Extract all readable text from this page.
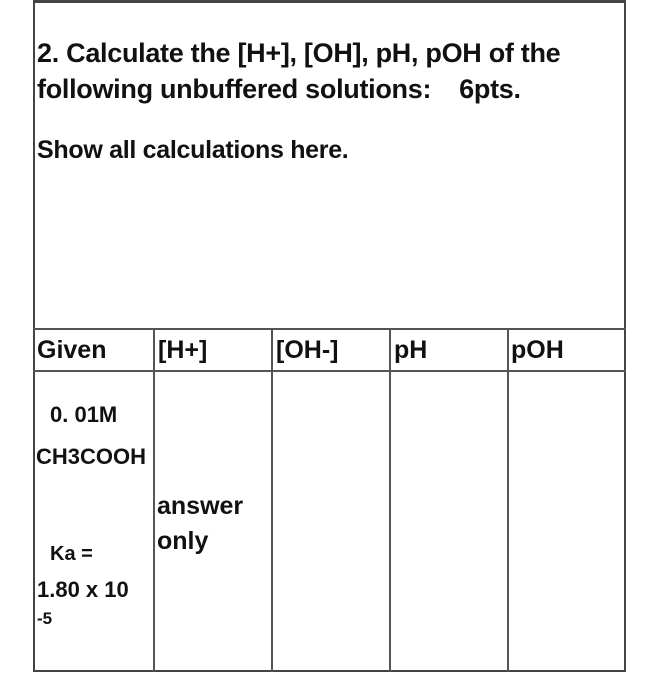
2. Calculate the [H+], [OH], pH, pOH of the
following unbuffered solutions: 6pts.
Show all calculations here.
Given [H+]	[OH-] pH	pOH
0. 01M
CH3COOH
Ka =
1.80 x 10
-5
answer
only
